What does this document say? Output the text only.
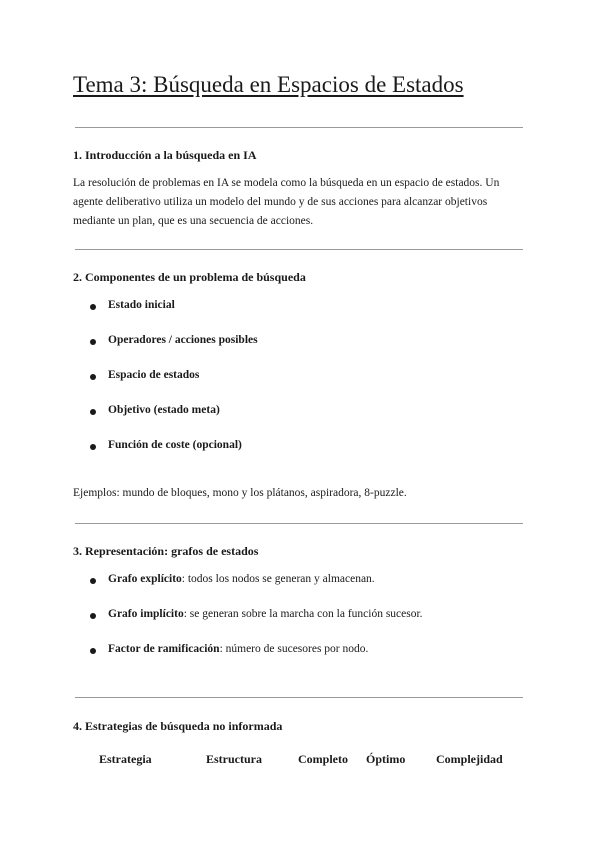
Tema 3: Búsqueda en Espacios de Estados
1. Introducción a la búsqueda en IA

La resolución de problemas en IA se modela como la búsqueda en un espacio de estados. Un agente deliberativo utiliza un modelo del mundo y de sus acciones para alcanzar objetivos mediante un plan, que es una secuencia de acciones.

2. Componentes de un problema de búsqueda
Estado inicial
Operadores / acciones posibles
Espacio de estados
Objetivo (estado meta)
Función de coste (opcional)

Ejemplos: mundo de bloques, mono y los plátanos, aspiradora, 8-puzzle.

3. Representación: grafos de estados
Grafo explícito: todos los nodos se generan y almacenan.
Grafo implícito: se generan sobre la marcha con la función sucesor.
Factor de ramificación: número de sucesores por nodo.
4. Estrategias de búsqueda no informada
Estrategia	Estructura	Completo Óptimo	Complejidad
